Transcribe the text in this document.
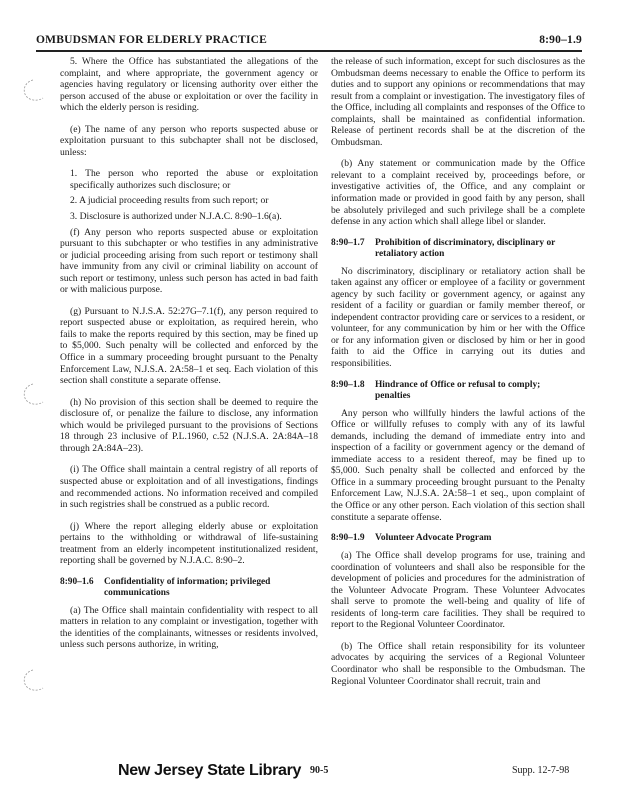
OMBUDSMAN FOR ELDERLY PRACTICE	8:90–1.9

5. Where the Office has substantiated the allegations of the complaint, and where appropriate, the government agency or agencies having regulatory or licensing authority over either the person accused of the abuse or exploitation or over the facility in which the elderly person is residing.

(e) The name of any person who reports suspected abuse or exploitation pursuant to this subchapter shall not be disclosed, unless:

1. The person who reported the abuse or exploitation specifically authorizes such disclosure; or

2. A judicial proceeding results from such report; or

3. Disclosure is authorized under N.J.A.C. 8:90–1.6(a).

(f) Any person who reports suspected abuse or exploitation pursuant to this subchapter or who testifies in any administrative or judicial proceeding arising from such report or testimony shall have immunity from any civil or criminal liability on account of such report or testimony, unless such person has acted in bad faith or with malicious purpose.

(g) Pursuant to N.J.S.A. 52:27G–7.1(f), any person required to report suspected abuse or exploitation, as required herein, who fails to make the reports required by this section, may be fined up to $5,000. Such penalty will be collected and enforced by the Office in a summary proceeding brought pursuant to the Penalty Enforcement Law, N.J.S.A. 2A:58–1 et seq. Each violation of this section shall constitute a separate offense.

(h) No provision of this section shall be deemed to require the disclosure of, or penalize the failure to disclose, any information which would be privileged pursuant to the provisions of Sections 18 through 23 inclusive of P.L.1960, c.52 (N.J.S.A. 2A:84A–18 through 2A:84A–23).

(i) The Office shall maintain a central registry of all reports of suspected abuse or exploitation and of all investigations, findings and recommended actions. No information received and compiled in such registries shall be construed as a public record.

(j) Where the report alleging elderly abuse or exploitation pertains to the withholding or withdrawal of life-sustaining treatment from an elderly incompetent institutionalized resident, reporting shall be governed by N.J.A.C. 8:90–2.

8:90–1.6 Confidentiality of information; privileged
communications

(a) The Office shall maintain confidentiality with respect to all matters in relation to any complaint or investigation, together with the identities of the complainants, witnesses or residents involved, unless such persons authorize, in writing,

the release of such information, except for such disclosures as the Ombudsman deems necessary to enable the Office to perform its duties and to support any opinions or recommendations that may result from a complaint or investigation. The investigatory files of the Office, including all complaints and responses of the Office to complaints, shall be maintained as confidential information. Release of pertinent records shall be at the discretion of the Ombudsman.

(b) Any statement or communication made by the Office relevant to a complaint received by, proceedings before, or investigative activities of, the Office, and any complaint or information made or provided in good faith by any person, shall be absolutely privileged and such privilege shall be a complete defense in any action which shall allege libel or slander.

8:90–1.7 Prohibition of discriminatory, disciplinary or
retaliatory action

No discriminatory, disciplinary or retaliatory action shall be taken against any officer or employee of a facility or government agency by such facility or government agency, or against any resident of a facility or guardian or family member thereof, or independent contractor providing care or services to a resident, or volunteer, for any communication by him or her with the Office or for any information given or disclosed by him or her in good faith to aid the Office in carrying out its duties and responsibilities.

8:90–1.8 Hindrance of Office or refusal to comply;
penalties

Any person who willfully hinders the lawful actions of the Office or willfully refuses to comply with any of its lawful demands, including the demand of immediate entry into and inspection of a facility or government agency or the demand of immediate access to a resident thereof, may be fined up to $5,000. Such penalty shall be collected and enforced by the Office in a summary proceeding brought pursuant to the Penalty Enforcement Law, N.J.S.A. 2A:58–1 et seq., upon complaint of the Office or any other person. Each violation of this section shall constitute a separate offense.

8:90–1.9 Volunteer Advocate Program

(a) The Office shall develop programs for use, training and coordination of volunteers and shall also be responsible for the development of policies and procedures for the administration of the Volunteer Advocate Program. These Volunteer Advocates shall serve to promote the well-being and quality of life of residents of long-term care facilities. They shall be required to report to the Regional Volunteer Coordinator.

(b) The Office shall retain responsibility for its volunteer advocates by acquiring the services of a Regional Volunteer Coordinator who shall be responsible to the Ombudsman. The Regional Volunteer Coordinator shall recruit, train and

New Jersey State Library 90-5	Supp. 12-7-98
